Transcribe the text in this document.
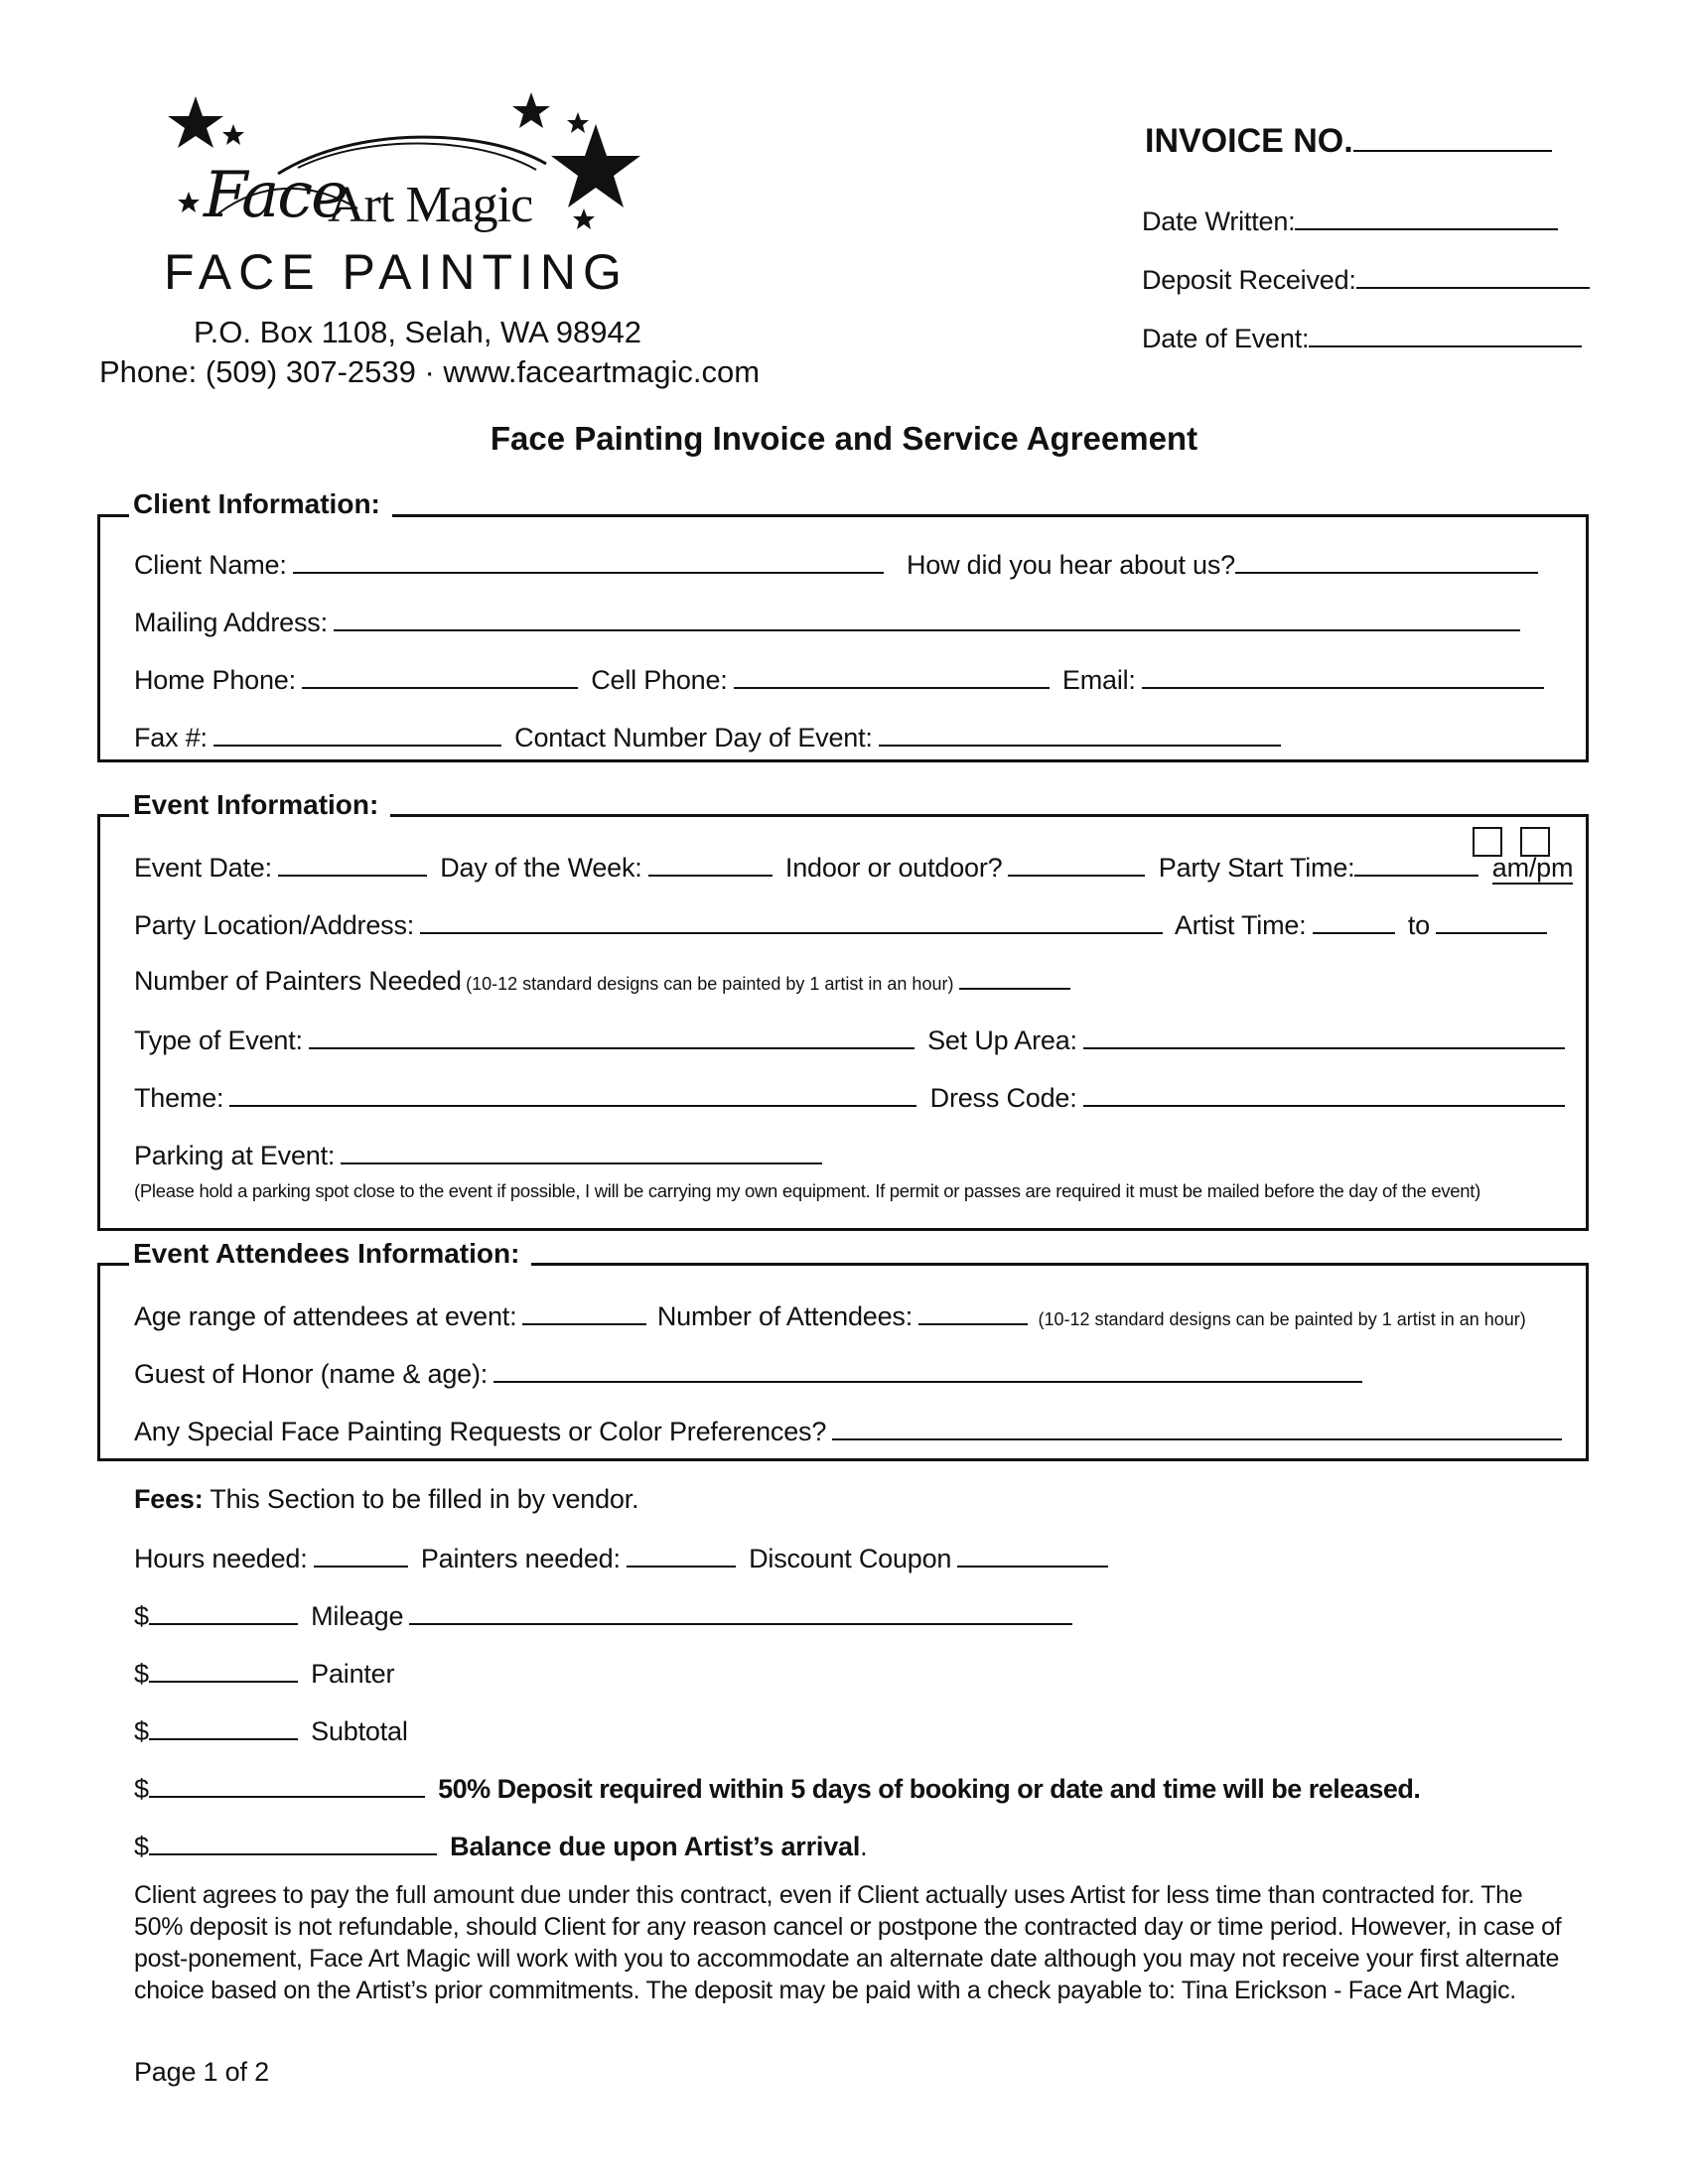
Face
Art Magic
FACE PAINTING
P.O. Box 1108, Selah, WA 98942
Phone: (509) 307-2539 · www.faceartmagic.com
INVOICE NO.
Date Written:
Deposit Received:
Date of Event:
Face Painting Invoice and Service Agreement
Client Information:
Client Name:	How did you hear about us?
Mailing Address:
Home Phone:	Cell Phone:	Email:
Fax #:	Contact Number Day of Event:
Event Information:

Event Date:	Day of the Week:	Indoor or outdoor?	Party Start Time:	am/pm
Party Location/Address:	Artist Time:	to
Number of Painters Needed (10-12 standard designs can be painted by 1 artist in an hour)
Type of Event:	Set Up Area:
Theme:	Dress Code:
Parking at Event:
(Please hold a parking spot close to the event if possible, I will be carrying my own equipment. If permit or passes are required it must be mailed before the day of the event)
Event Attendees Information:
Age range of attendees at event:	Number of Attendees:	(10-12 standard designs can be painted by 1 artist in an hour)
Guest of Honor (name & age):
Any Special Face Painting Requests or Color Preferences?
Fees: This Section to be filled in by vendor.
Hours needed:	Painters needed:	Discount Coupon
$	Mileage
$	Painter
$	Subtotal
$	50% Deposit required within 5 days of booking or date and time will be released.
$	Balance due upon Artist’s arrival.

Client agrees to pay the full amount due under this contract, even if Client actually uses Artist for less time than contracted for. The 50% deposit is not refundable, should Client for any reason cancel or postpone the contracted day or time period. However, in case of post-ponement, Face Art Magic will work with you to accommodate an alternate date although you may not receive your first alternate choice based on the Artist’s prior commitments. The deposit may be paid with a check payable to: Tina Erickson - Face Art Magic.

Page 1 of 2
